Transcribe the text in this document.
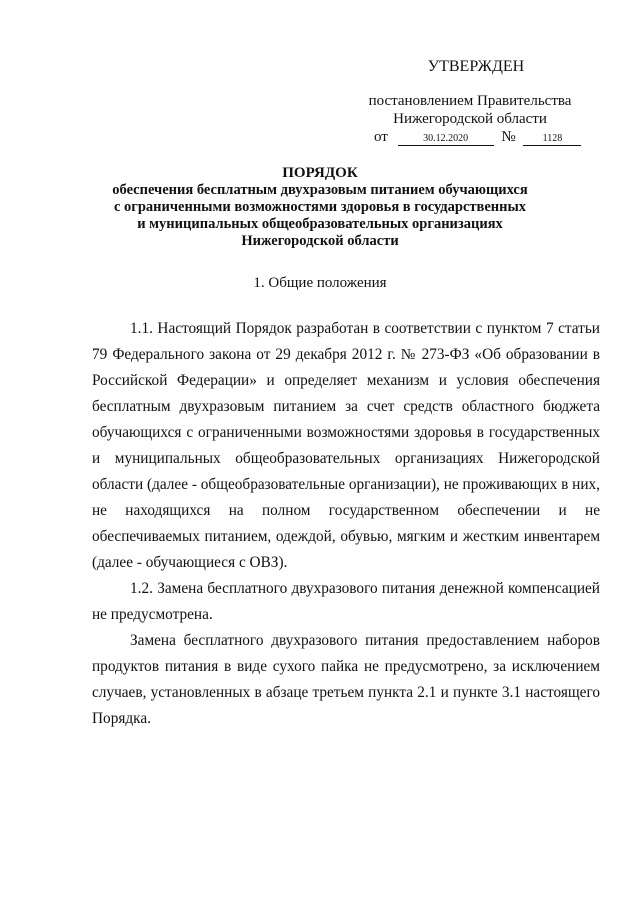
УТВЕРЖДЕН
постановлением Правительства
Нижегородской области
от	30.12.2020 №	1128
ПОРЯДОК
обеспечения бесплатным двухразовым питанием обучающихся
с ограниченными возможностями здоровья в государственных
и муниципальных общеобразовательных организациях
Нижегородской области
1. Общие положения

1.1. Настоящий Порядок разработан в соответствии с пунктом 7 статьи 79 Федерального закона от 29 декабря 2012 г. № 273-ФЗ «Об образовании в Российской Федерации» и определяет механизм и условия обеспечения бесплатным двухразовым питанием за счет средств областного бюджета обучающихся с ограниченными возможностями здоровья в государственных и муниципальных общеобразовательных организациях Нижегородской области (далее - общеобразовательные организации), не проживающих в них, не находящихся на полном государственном обеспечении и не обеспечиваемых питанием, одеждой, обувью, мягким и жестким инвентарем (далее - обучающиеся с ОВЗ).

1.2. Замена бесплатного двухразового питания денежной компенсацией не предусмотрена.

Замена бесплатного двухразового питания предоставлением наборов продуктов питания в виде сухого пайка не предусмотрено, за исключением случаев, установленных в абзаце третьем пункта 2.1 и пункте 3.1 настоящего Порядка.
